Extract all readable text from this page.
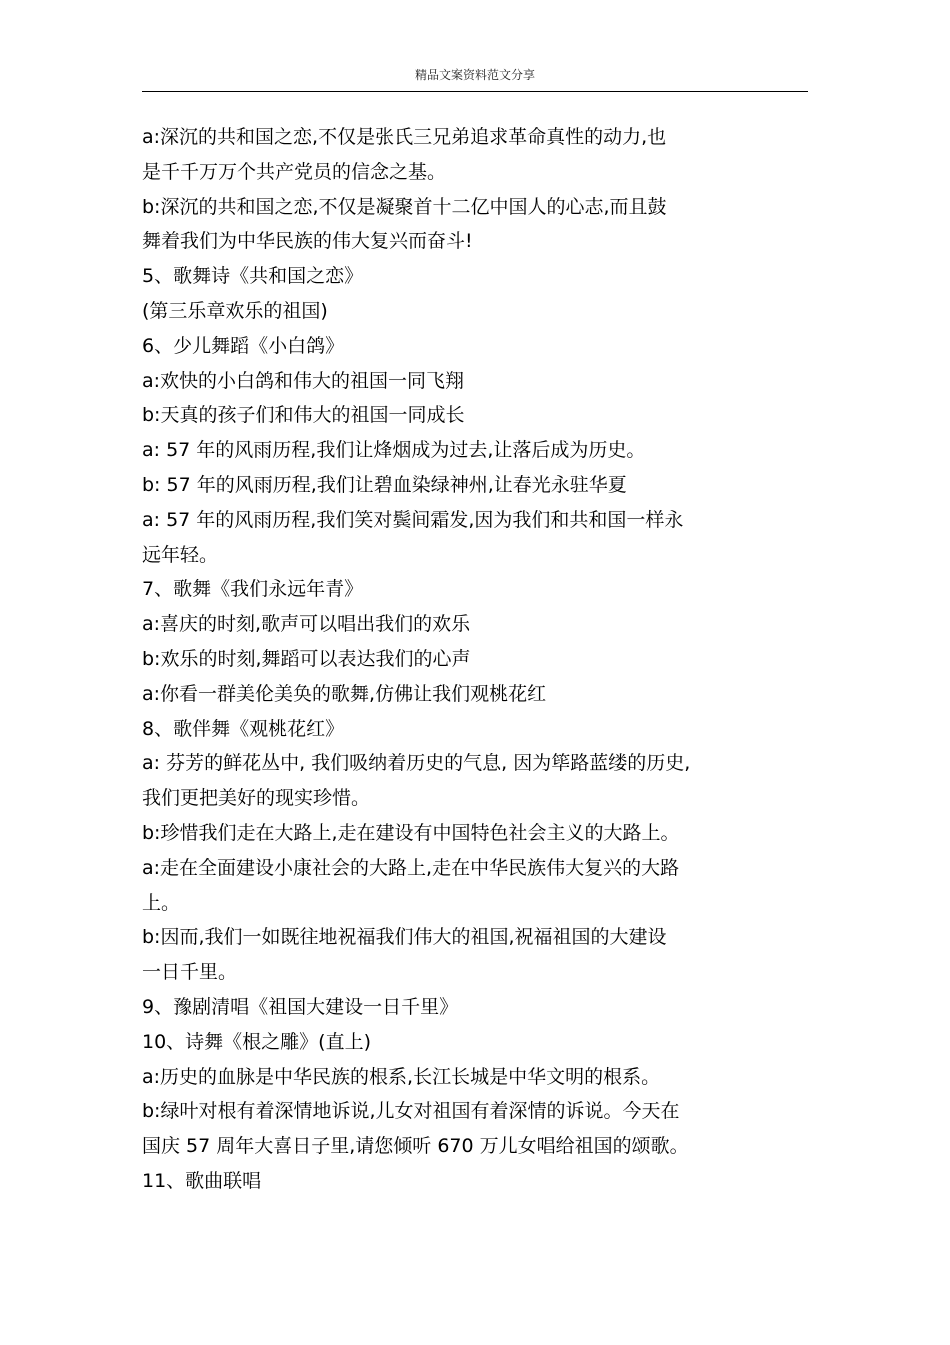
精品文案资料范文分享
a:深沉的共和国之恋,不仅是张氏三兄弟追求革命真性的动力,也
是千千万万个共产党员的信念之基。
b:深沉的共和国之恋,不仅是凝聚首十二亿中国人的心志,而且鼓
舞着我们为中华民族的伟大复兴而奋斗!
5、歌舞诗《共和国之恋》
(第三乐章欢乐的祖国)
6、少儿舞蹈《小白鸽》
a:欢快的小白鸽和伟大的祖国一同飞翔
b:天真的孩子们和伟大的祖国一同成长
a: 57 年的风雨历程,我们让烽烟成为过去,让落后成为历史。
b: 57 年的风雨历程,我们让碧血染绿神州,让春光永驻华夏
a: 57 年的风雨历程,我们笑对鬓间霜发,因为我们和共和国一样永
远年轻。
7、歌舞《我们永远年青》
a:喜庆的时刻,歌声可以唱出我们的欢乐
b:欢乐的时刻,舞蹈可以表达我们的心声
a:你看一群美伦美奂的歌舞,仿佛让我们观桃花红
8、歌伴舞《观桃花红》
a: 芬芳的鲜花丛中, 我们吸纳着历史的气息, 因为筚路蓝缕的历史,
我们更把美好的现实珍惜。
b:珍惜我们走在大路上,走在建设有中国特色社会主义的大路上。
a:走在全面建设小康社会的大路上,走在中华民族伟大复兴的大路
上。
b:因而,我们一如既往地祝福我们伟大的祖国,祝福祖国的大建设
一日千里。
9、豫剧清唱《祖国大建设一日千里》
10、诗舞《根之雕》(直上)
a:历史的血脉是中华民族的根系,长江长城是中华文明的根系。
b:绿叶对根有着深情地诉说,儿女对祖国有着深情的诉说。今天在
国庆 57 周年大喜日子里,请您倾听 670 万儿女唱给祖国的颂歌。
11、歌曲联唱
